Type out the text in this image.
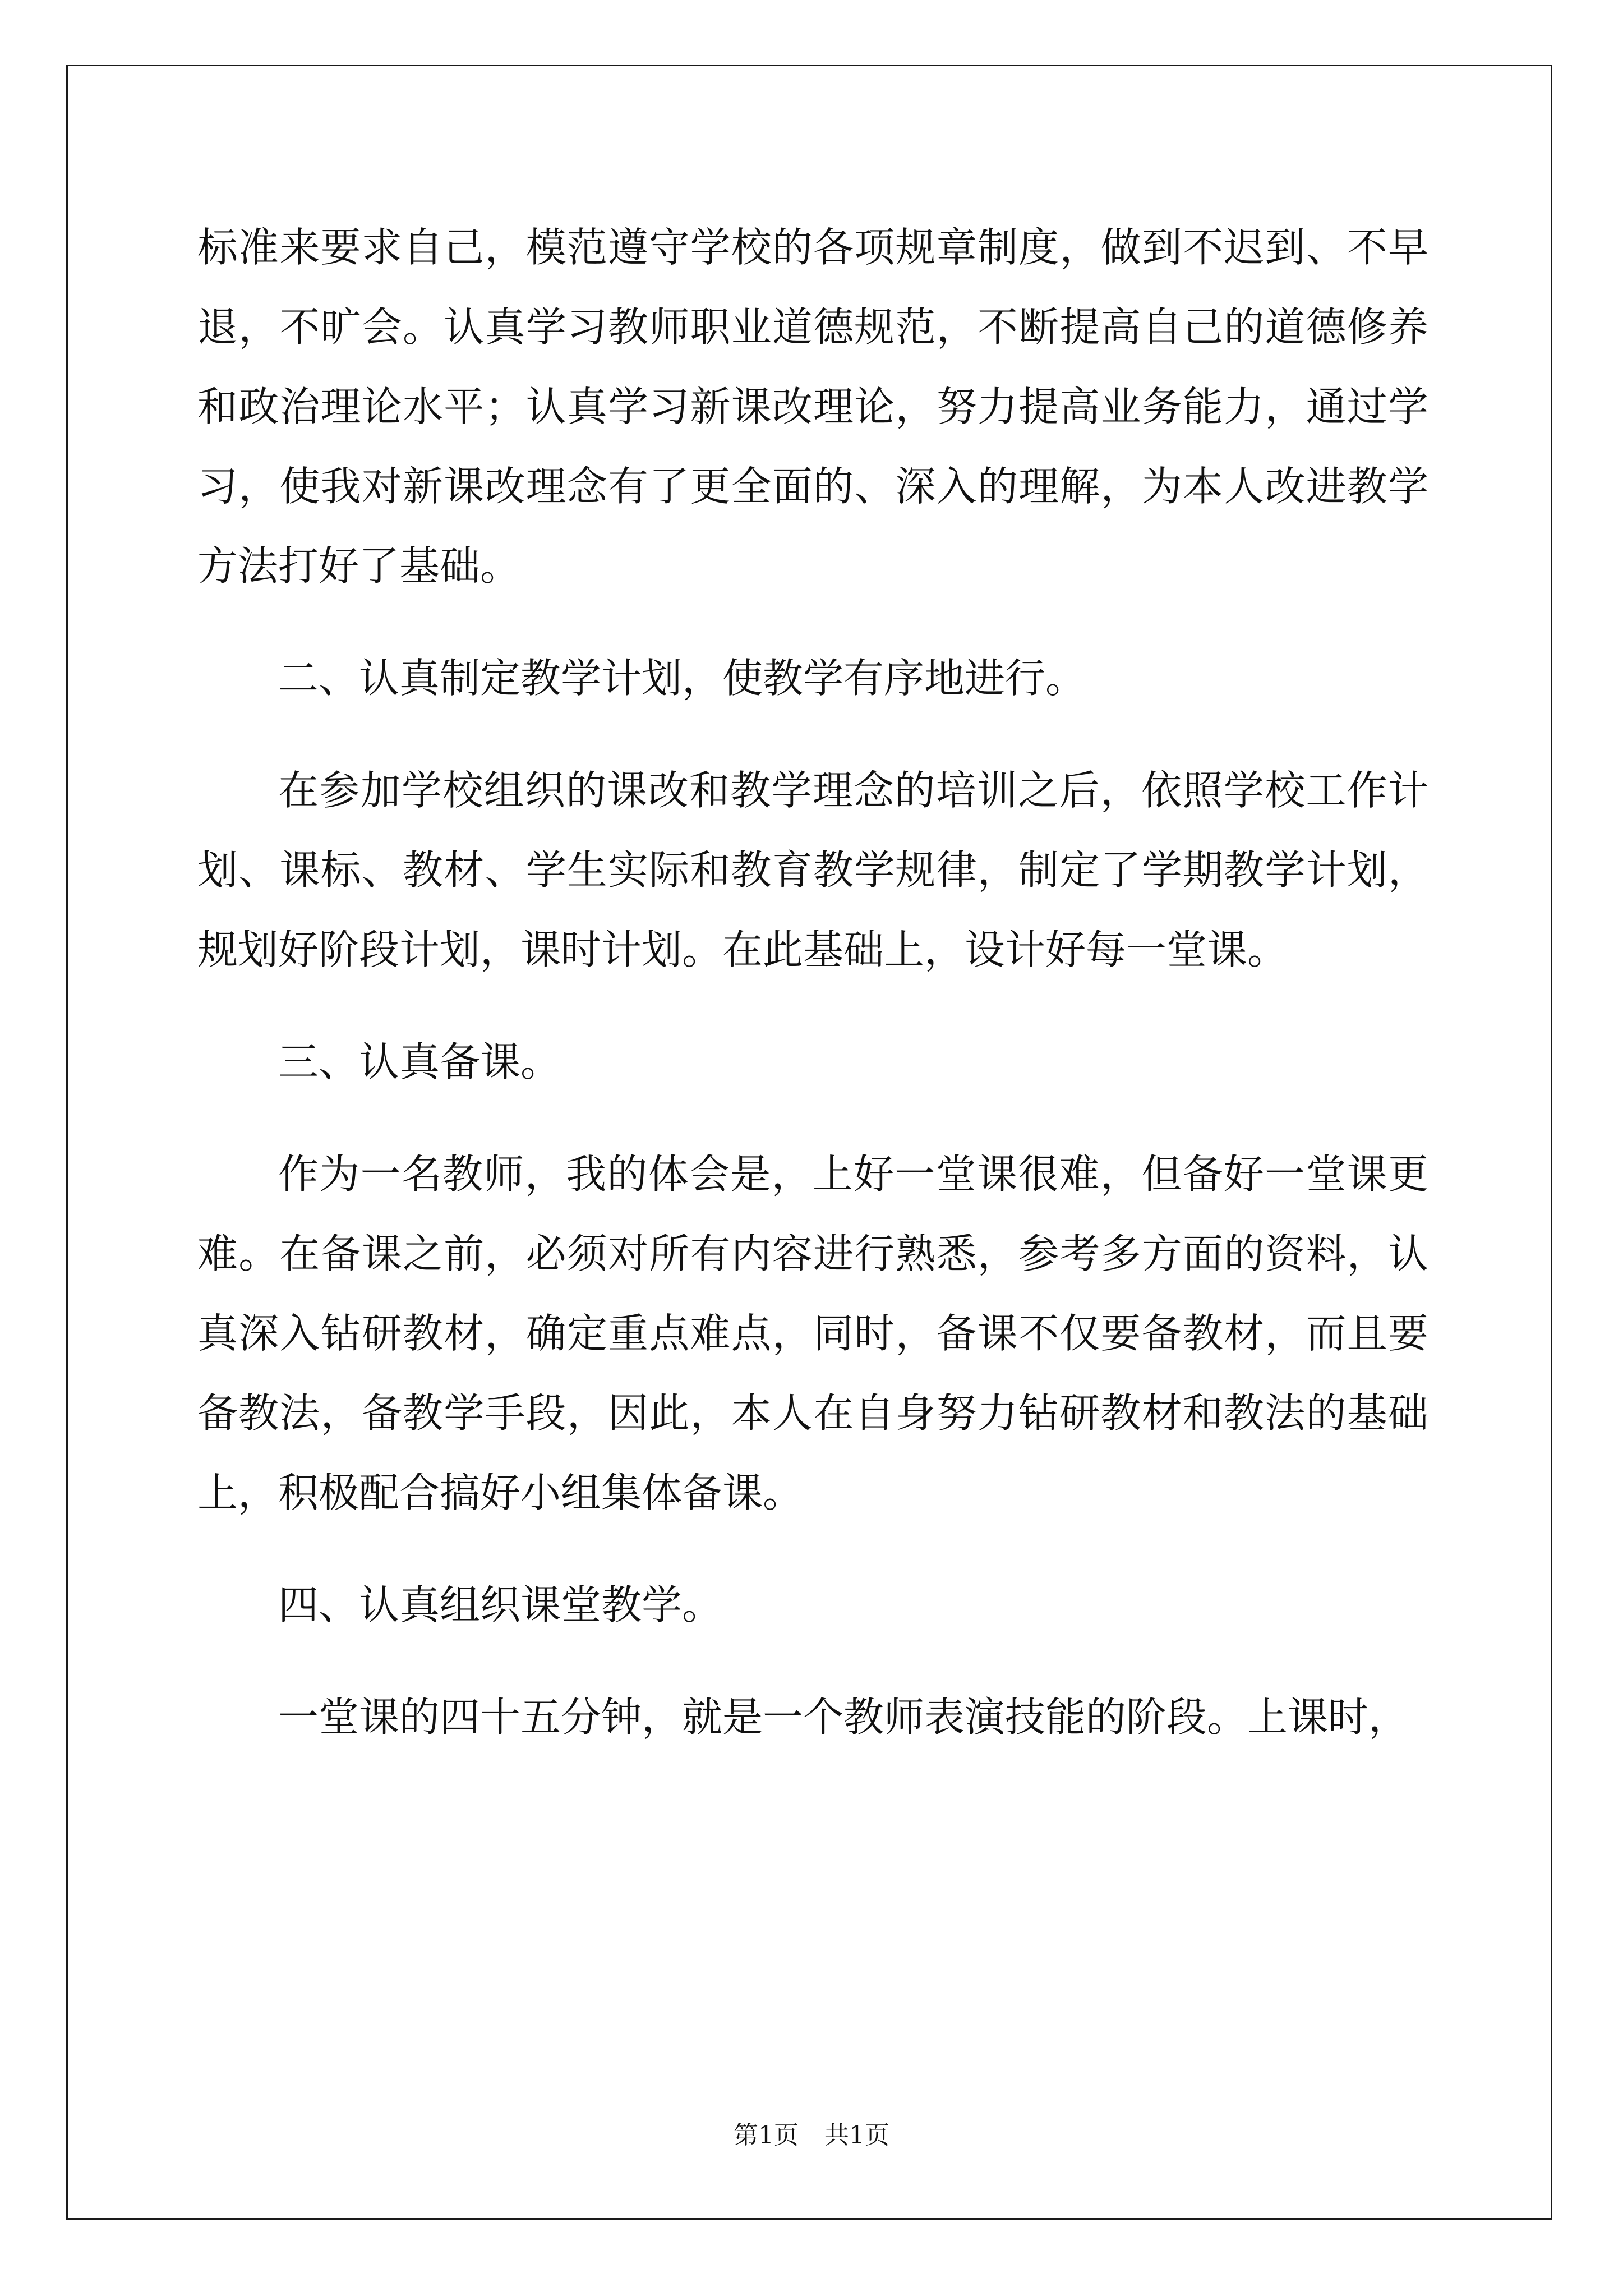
标准来要求自己，模范遵守学校的各项规章制度，做到不迟到、不早退，不旷会。认真学习教师职业道德规范，不断提高自己的道德修养和政治理论水平；认真学习新课改理论，努力提高业务能力，通过学习，使我对新课改理念有了更全面的、深入的理解，为本人改进教学方法打好了基础。

二、认真制定教学计划，使教学有序地进行。

在参加学校组织的课改和教学理念的培训之后，依照学校工作计划、课标、教材、学生实际和教育教学规律，制定了学期教学计划，规划好阶段计划，课时计划。在此基础上，设计好每一堂课。

三、认真备课。

作为一名教师，我的体会是，上好一堂课很难，但备好一堂课更难。在备课之前，必须对所有内容进行熟悉，参考多方面的资料，认真深入钻研教材，确定重点难点，同时，备课不仅要备教材，而且要备教法，备教学手段，因此，本人在自身努力钻研教材和教法的基础上，积极配合搞好小组集体备课。

四、认真组织课堂教学。

一堂课的四十五分钟，就是一个教师表演技能的阶段。上课时，

第1页 共1页
